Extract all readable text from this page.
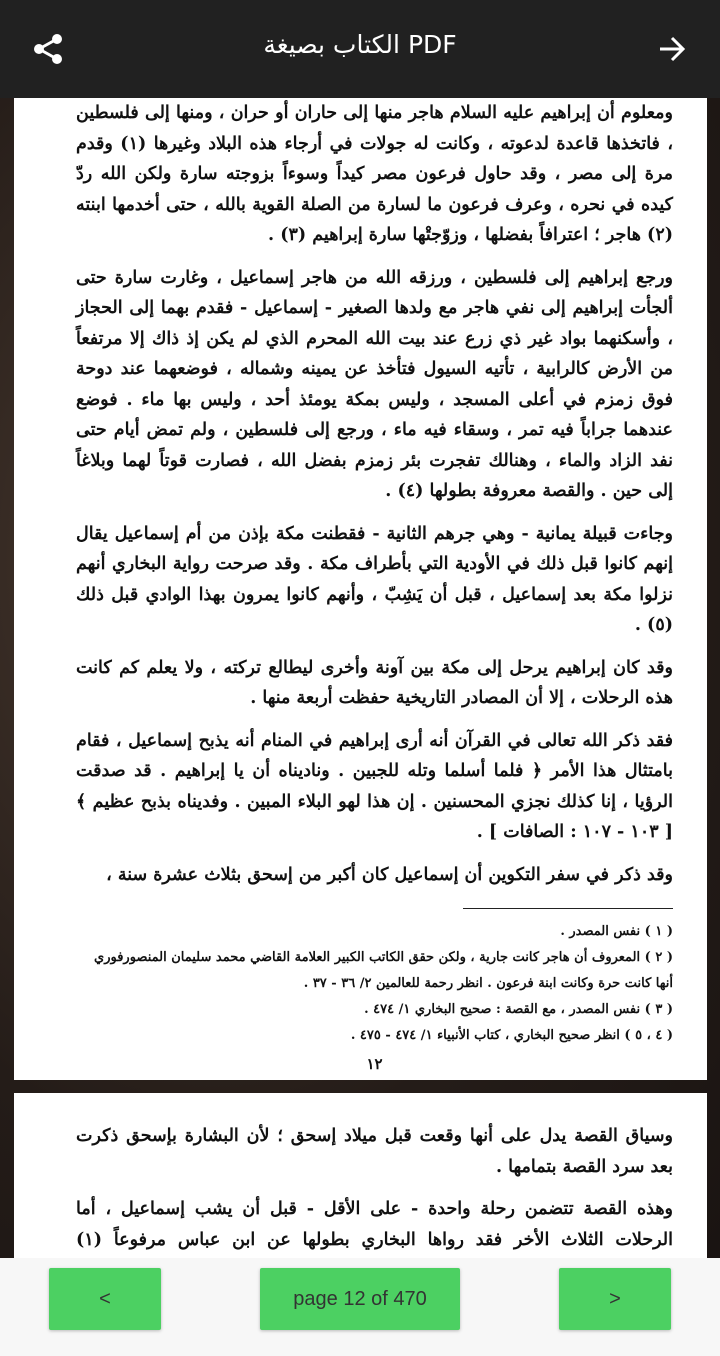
الكتاب بصيغة PDF

ومعلوم أن إبراهيم عليه السلام هاجر منها إلى حاران أو حران ، ومنها إلى فلسطين ، فاتخذها قاعدة لدعوته ، وكانت له جولات في أرجاء هذه البلاد وغيرها (١) وقدم مرة إلى مصر ، وقد حاول فرعون مصر كيداً وسوءاً بزوجته سارة ولكن الله ردّ كيده في نحره ، وعرف فرعون ما لسارة من الصلة القوية بالله ، حتى أخدمها ابنته (٢) هاجر ؛ اعترافاً بفضلها ، وزوّجتْها سارة إبراهيم (٣) .

ورجع إبراهيم إلى فلسطين ، ورزقه الله من هاجر إسماعيل ، وغارت سارة حتى ألجأت إبراهيم إلى نفي هاجر مع ولدها الصغير - إسماعيل - فقدم بهما إلى الحجاز ، وأسكنهما بواد غير ذي زرع عند بيت الله المحرم الذي لم يكن إذ ذاك إلا مرتفعاً من الأرض كالرابية ، تأتيه السيول فتأخذ عن يمينه وشماله ، فوضعهما عند دوحة فوق زمزم في أعلى المسجد ، وليس بمكة يومئذ أحد ، وليس بها ماء . فوضع عندهما جراباً فيه تمر ، وسقاء فيه ماء ، ورجع إلى فلسطين ، ولم تمض أيام حتى نفد الزاد والماء ، وهنالك تفجرت بئر زمزم بفضل الله ، فصارت قوتاً لهما وبلاغاً إلى حين . والقصة معروفة بطولها (٤) .

وجاءت قبيلة يمانية - وهي جرهم الثانية - فقطنت مكة بإذن من أم إسماعيل يقال إنهم كانوا قبل ذلك في الأودية التي بأطراف مكة . وقد صرحت رواية البخاري أنهم نزلوا مكة بعد إسماعيل ، قبل أن يَشِبّ ، وأنهم كانوا يمرون بهذا الوادي قبل ذلك (٥) .

وقد كان إبراهيم يرحل إلى مكة بين آونة وأخرى ليطالع تركته ، ولا يعلم كم كانت هذه الرحلات ، إلا أن المصادر التاريخية حفظت أربعة منها .

فقد ذكر الله تعالى في القرآن أنه أرى إبراهيم في المنام أنه يذبح إسماعيل ، فقام بامتثال هذا الأمر ﴿ فلما أسلما وتله للجبين . وناديناه أن يا إبراهيم . قد صدقت الرؤيا ، إنا كذلك نجزي المحسنين . إن هذا لهو البلاء المبين . وفديناه بذبح عظيم ﴾ [ ١٠٣ - ١٠٧ : الصافات ] .

وقد ذكر في سفر التكوين أن إسماعيل كان أكبر من إسحق بثلاث عشرة سنة ،

( ١ ) نفس المصدر .

( ٢ ) المعروف أن هاجر كانت جارية ، ولكن حقق الكاتب الكبير العلامة القاضي محمد سليمان المنصورفوري أنها كانت حرة وكانت ابنة فرعون . انظر رحمة للعالمين ٢/ ٣٦ - ٣٧ .

( ٣ ) نفس المصدر ، مع القصة : صحيح البخاري ١/ ٤٧٤ .

( ٤ ، ٥ ) انظر صحيح البخاري ، كتاب الأنبياء ١/ ٤٧٤ - ٤٧٥ .

١٢

وسياق القصة يدل على أنها وقعت قبل ميلاد إسحق ؛ لأن البشارة بإسحق ذكرت بعد سرد القصة بتمامها .

وهذه القصة تتضمن رحلة واحدة - على الأقل - قبل أن يشب إسماعيل ، أما الرحلات الثلاث الأخر فقد رواها البخاري بطولها عن ابن عباس مرفوعاً (١)

<	page 12 of 470	>
